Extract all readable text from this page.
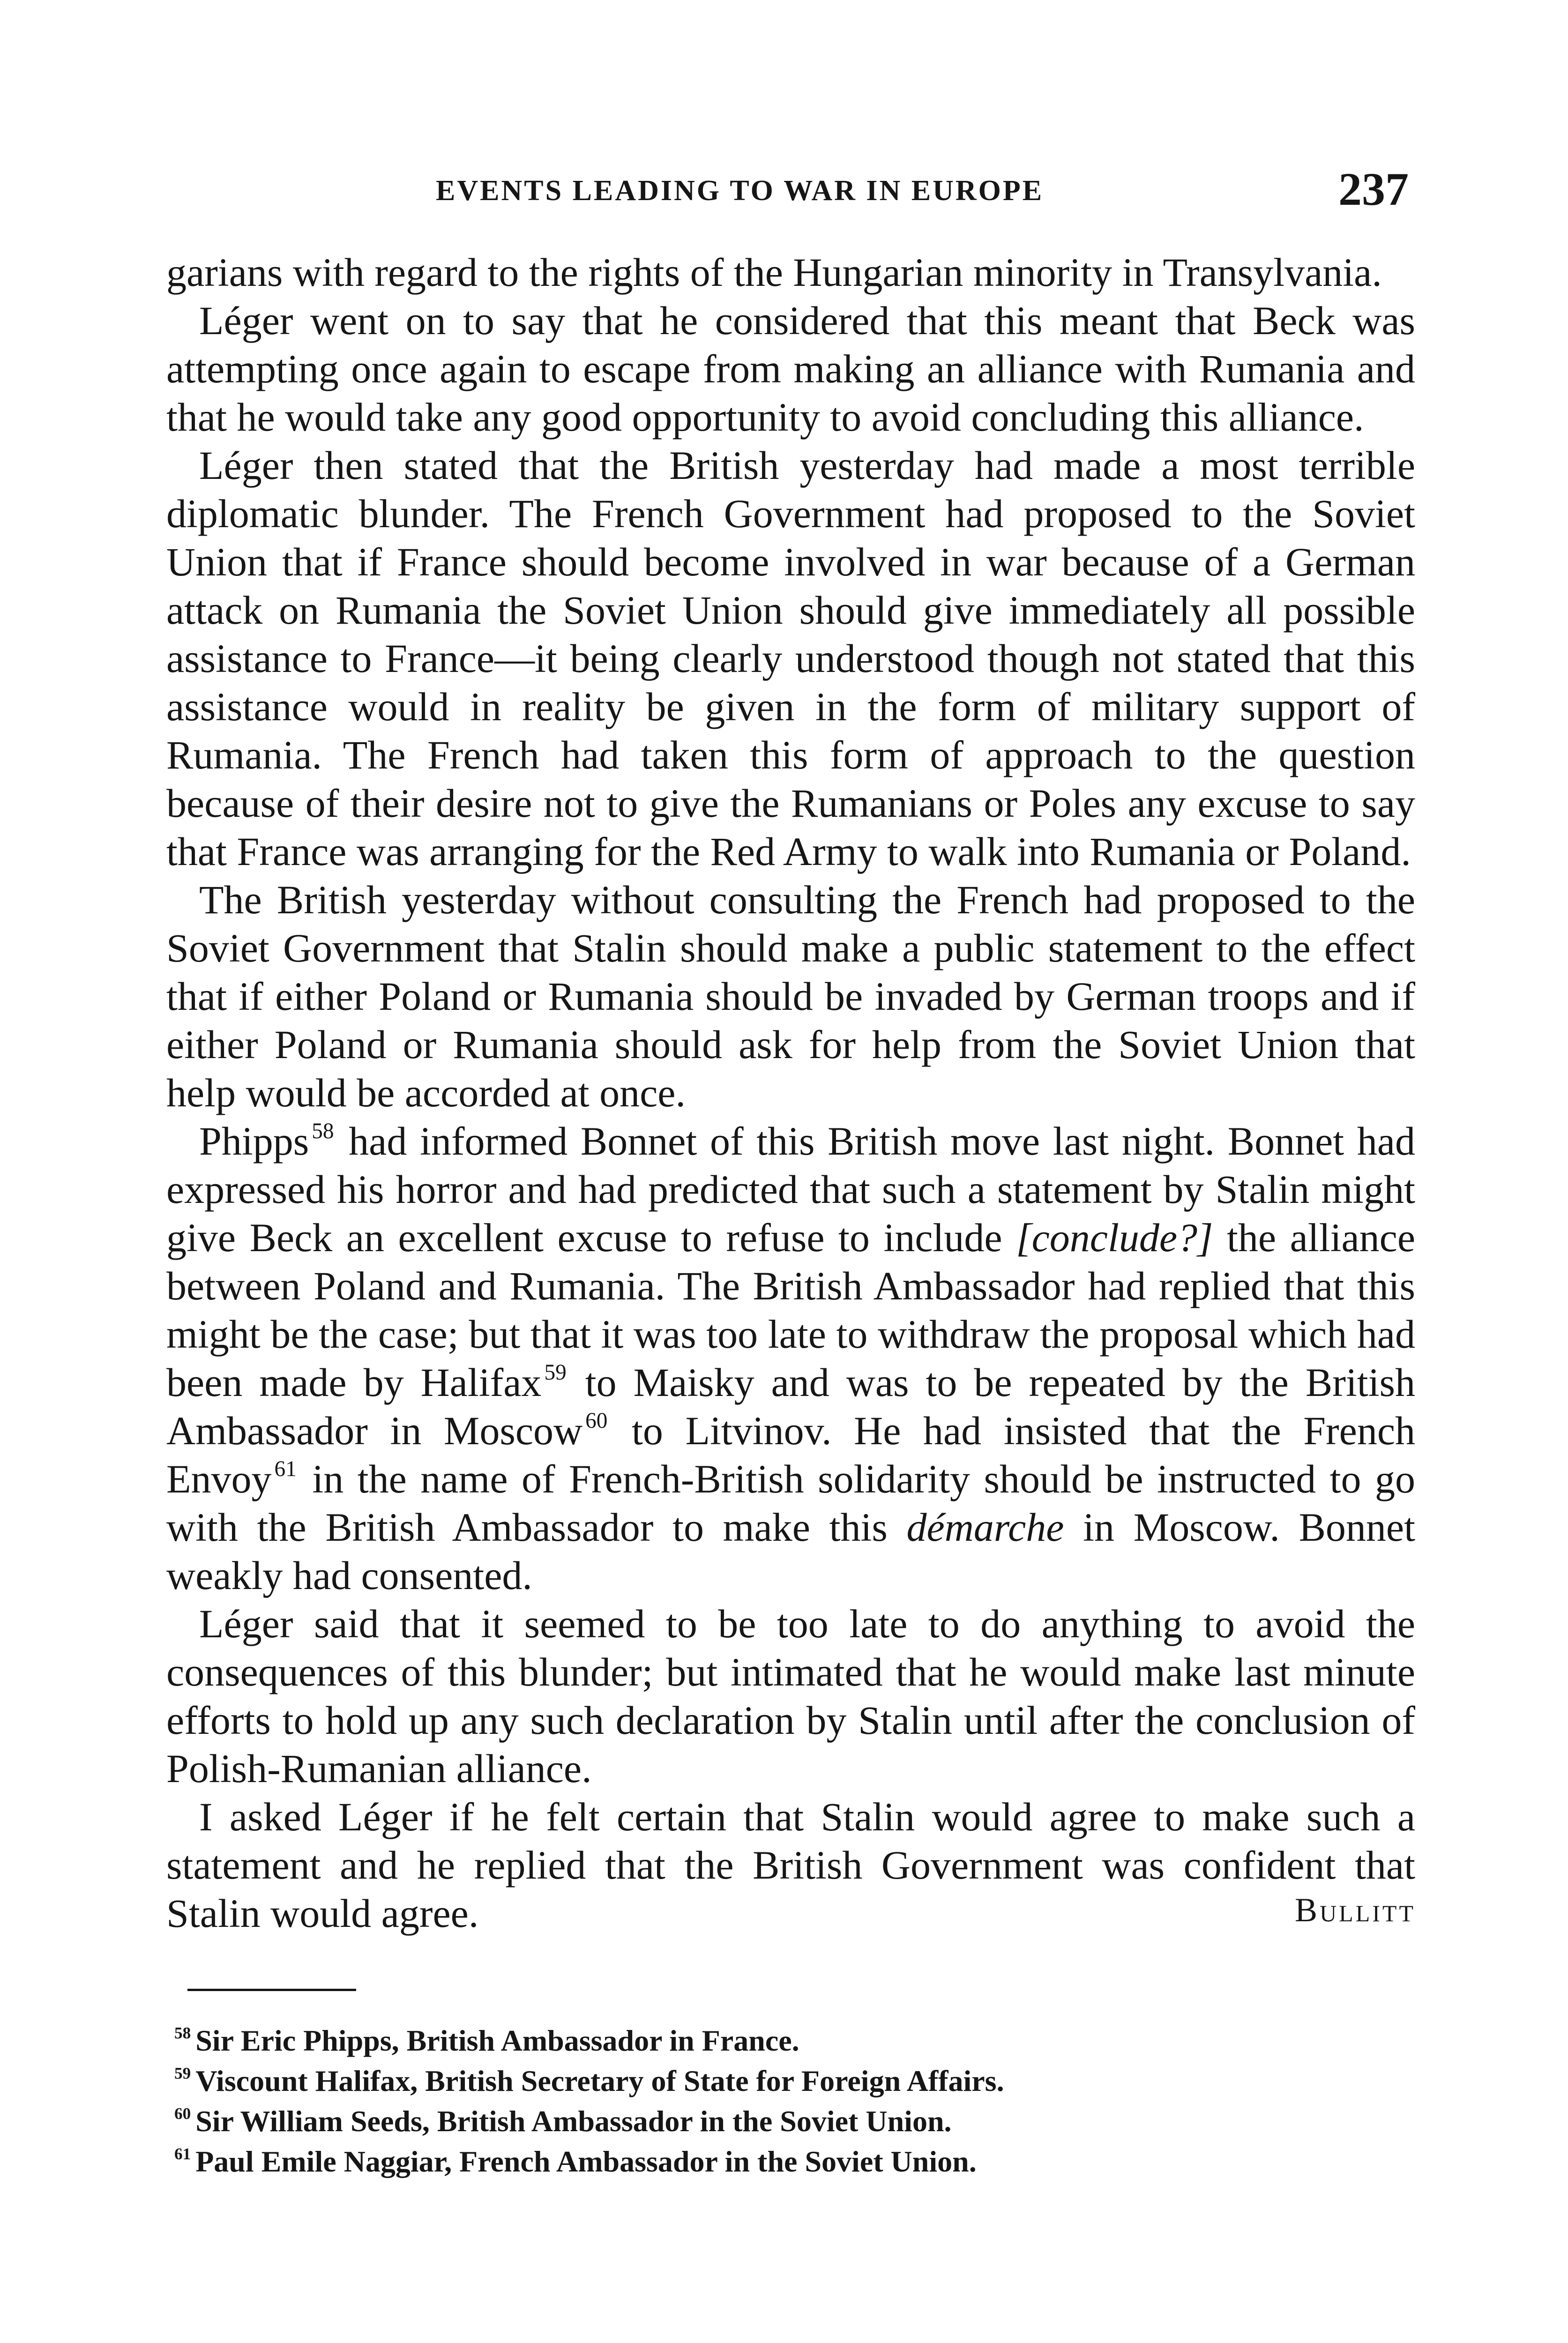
EVENTS LEADING TO WAR IN EUROPE	237

garians with regard to the rights of the Hungarian minority in Transylvania.

Léger went on to say that he considered that this meant that Beck was attempting once again to escape from making an alliance with Rumania and that he would take any good opportunity to avoid concluding this alliance.

Léger then stated that the British yesterday had made a most terrible diplomatic blunder. The French Government had proposed to the Soviet Union that if France should become involved in war because of a German attack on Rumania the Soviet Union should give immediately all possible assistance to France—it being clearly understood though not stated that this assistance would in reality be given in the form of military support of Rumania. The French had taken this form of approach to the question because of their desire not to give the Rumanians or Poles any excuse to say that France was arranging for the Red Army to walk into Rumania or Poland.

The British yesterday without consulting the French had proposed to the Soviet Government that Stalin should make a public statement to the effect that if either Poland or Rumania should be invaded by German troops and if either Poland or Rumania should ask for help from the Soviet Union that help would be accorded at once.

Phipps $^{58}$ had informed Bonnet of this British move last night. Bonnet had expressed his horror and had predicted that such a statement by Stalin might give Beck an excellent excuse to refuse to include [conclude?] the alliance between Poland and Rumania. The British Ambassador had replied that this might be the case; but that it was too late to withdraw the proposal which had been made by Halifax $^{59}$ to Maisky and was to be repeated by the British Ambassador in Moscow $^{60}$ to Litvinov. He had insisted that the French Envoy $^{61}$ in the name of French-British solidarity should be instructed to go with the British Ambassador to make this démarche in Moscow. Bonnet weakly had consented.

Léger said that it seemed to be too late to do anything to avoid the consequences of this blunder; but intimated that he would make last minute efforts to hold up any such declaration by Stalin until after the conclusion of Polish-Rumanian alliance.

I asked Léger if he felt certain that Stalin would agree to make such a statement and he replied that the British Government was confident that Stalin would agree.	Bullitt
$^{58}$ Sir Eric Phipps, British Ambassador in France.
$^{59}$ Viscount Halifax, British Secretary of State for Foreign Affairs.
$^{60}$ Sir William Seeds, British Ambassador in the Soviet Union.
$^{61}$ Paul Emile Naggiar, French Ambassador in the Soviet Union.
